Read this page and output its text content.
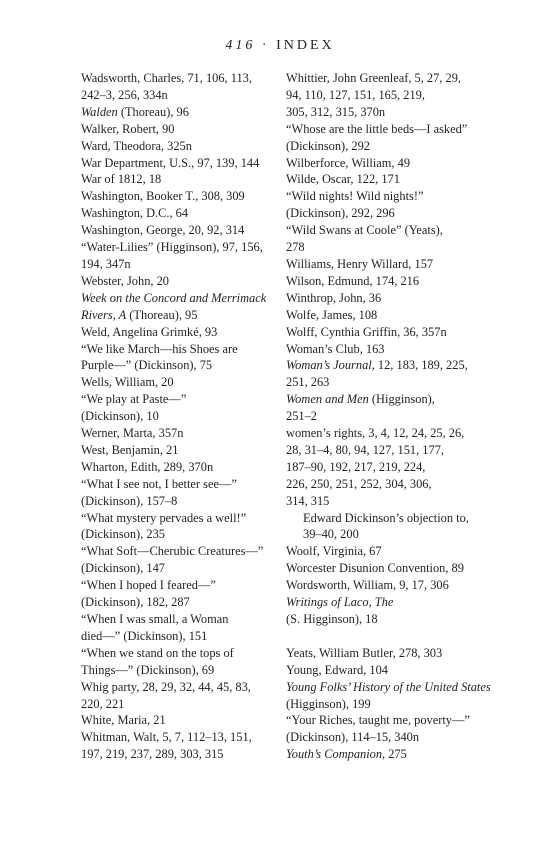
416 · INDEX
Wadsworth, Charles, 71, 106, 113,
242–3, 256, 334n
Walden (Thoreau), 96
Walker, Robert, 90
Ward, Theodora, 325n
War Department, U.S., 97, 139, 144
War of 1812, 18
Washington, Booker T., 308, 309
Washington, D.C., 64
Washington, George, 20, 92, 314
“Water-Lilies” (Higginson), 97, 156,
194, 347n
Webster, John, 20
Week on the Concord and Merrimack
Rivers, A (Thoreau), 95
Weld, Angelina Grimké, 93
“We like March—his Shoes are
Purple—” (Dickinson), 75
Wells, William, 20
“We play at Paste—”
(Dickinson), 10
Werner, Marta, 357n
West, Benjamin, 21
Wharton, Edith, 289, 370n
“What I see not, I better see—”
(Dickinson), 157–8
“What mystery pervades a well!”
(Dickinson), 235
“What Soft—Cherubic Creatures—”
(Dickinson), 147
“When I hoped I feared—”
(Dickinson), 182, 287
“When I was small, a Woman
died—” (Dickinson), 151
“When we stand on the tops of
Things—” (Dickinson), 69
Whig party, 28, 29, 32, 44, 45, 83,
220, 221
White, Maria, 21
Whitman, Walt, 5, 7, 112–13, 151,
197, 219, 237, 289, 303, 315
Whittier, John Greenleaf, 5, 27, 29,
94, 110, 127, 151, 165, 219,
305, 312, 315, 370n
“Whose are the little beds—I asked”
(Dickinson), 292
Wilberforce, William, 49
Wilde, Oscar, 122, 171
“Wild nights! Wild nights!”
(Dickinson), 292, 296
“Wild Swans at Coole” (Yeats),
278
Williams, Henry Willard, 157
Wilson, Edmund, 174, 216
Winthrop, John, 36
Wolfe, James, 108
Wolff, Cynthia Griffin, 36, 357n
Woman’s Club, 163
Woman’s Journal, 12, 183, 189, 225,
251, 263
Women and Men (Higginson),
251–2
women’s rights, 3, 4, 12, 24, 25, 26,
28, 31–4, 80, 94, 127, 151, 177,
187–90, 192, 217, 219, 224,
226, 250, 251, 252, 304, 306,
314, 315
Edward Dickinson’s objection to,
39–40, 200
Woolf, Virginia, 67
Worcester Disunion Convention, 89
Wordsworth, William, 9, 17, 306
Writings of Laco, The
(S. Higginson), 18
Yeats, William Butler, 278, 303
Young, Edward, 104
Young Folks’ History of the United States
(Higginson), 199
“Your Riches, taught me, poverty—”
(Dickinson), 114–15, 340n
Youth’s Companion, 275
